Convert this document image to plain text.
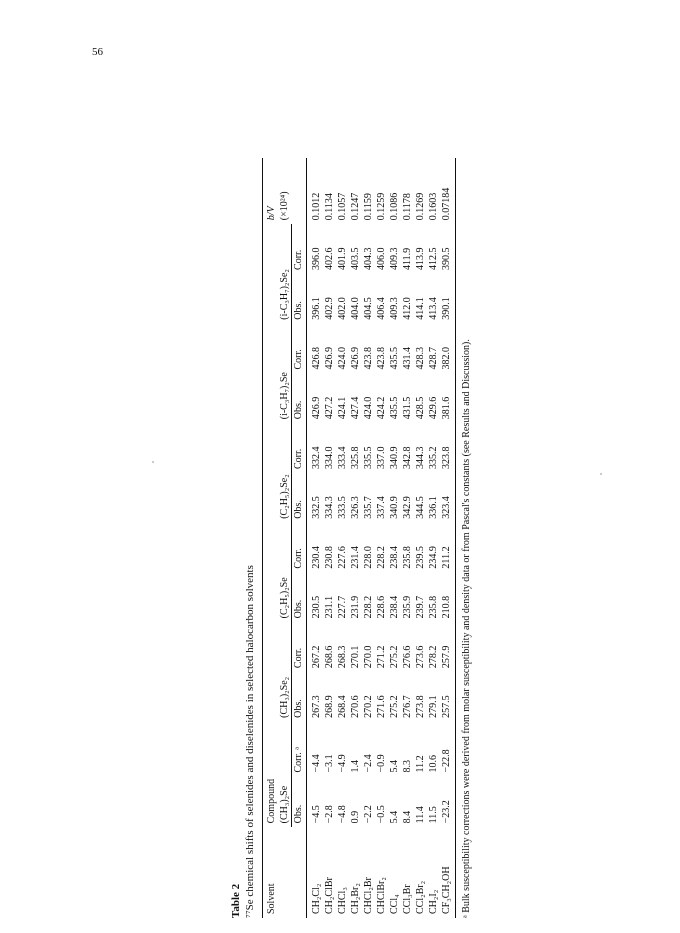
56
Table 2 ⁷⁷Se chemical shifts of selenides and diselenides in selected halocarbon solvents Solvent	Compound												b/V
	(CH₃)₂Se		(CH₃)₂Se₂		(C₂H₅)₂Se		(C₂H₅)₂Se₂		(i-C₃H₇)₂Se		(i-C₃H₇)₂Se₂		(×10²⁴)
	Obs.	Corr. ᵃ	Obs.	Corr.	Obs.	Corr.	Obs.	Corr.	Obs.	Corr.	Obs.	Corr.	
CH₂Cl₂	−4.5	−4.4	267.3	267.2	230.5	230.4	332.5	332.4	426.9	426.8	396.1	396.0	0.1012
CH₂ClBr	−2.8	−3.1	268.9	268.6	231.1	230.8	334.3	334.0	427.2	426.9	402.9	402.6	0.1134
CHCl₃	−4.8	−4.9	268.4	268.3	227.7	227.6	333.5	333.4	424.1	424.0	402.0	401.9	0.1057
CH₂Br₂	0.9	1.4	270.6	270.1	231.9	231.4	326.3	325.8	427.4	426.9	404.0	403.5	0.1247
CHCl₂Br	−2.2	−2.4	270.2	270.0	228.2	228.0	335.7	335.5	424.0	423.8	404.5	404.3	0.1159
CHClBr₂	−0.5	−0.9	271.6	271.2	228.6	228.2	337.4	337.0	424.2	423.8	406.4	406.0	0.1259
CCl₄	5.4	5.4	275.2	275.2	238.4	238.4	340.9	340.9	435.5	435.5	409.3	409.3	0.1086
CCl₃Br	8.4	8.3	276.7	276.6	235.9	235.8	342.9	342.8	431.5	431.4	412.0	411.9	0.1178
CCl₂Br₂	11.4	11.2	273.8	273.6	239.7	239.5	344.5	344.3	428.5	428.3	414.1	413.9	0.1269
CH₂I₂	11.5	10.6	279.1	278.2	235.8	234.9	336.1	335.2	429.6	428.7	413.4	412.5	0.1603
CF₃CH₂OH	−23.2	−22.8	257.5	257.9	210.8	211.2	323.4	323.8	381.6	382.0	390.1	390.5	0.07184
ᵃ Bulk susceptibility corrections were derived from molar susceptibility and density data or from Pascal's constants (see Results and Discussion).
